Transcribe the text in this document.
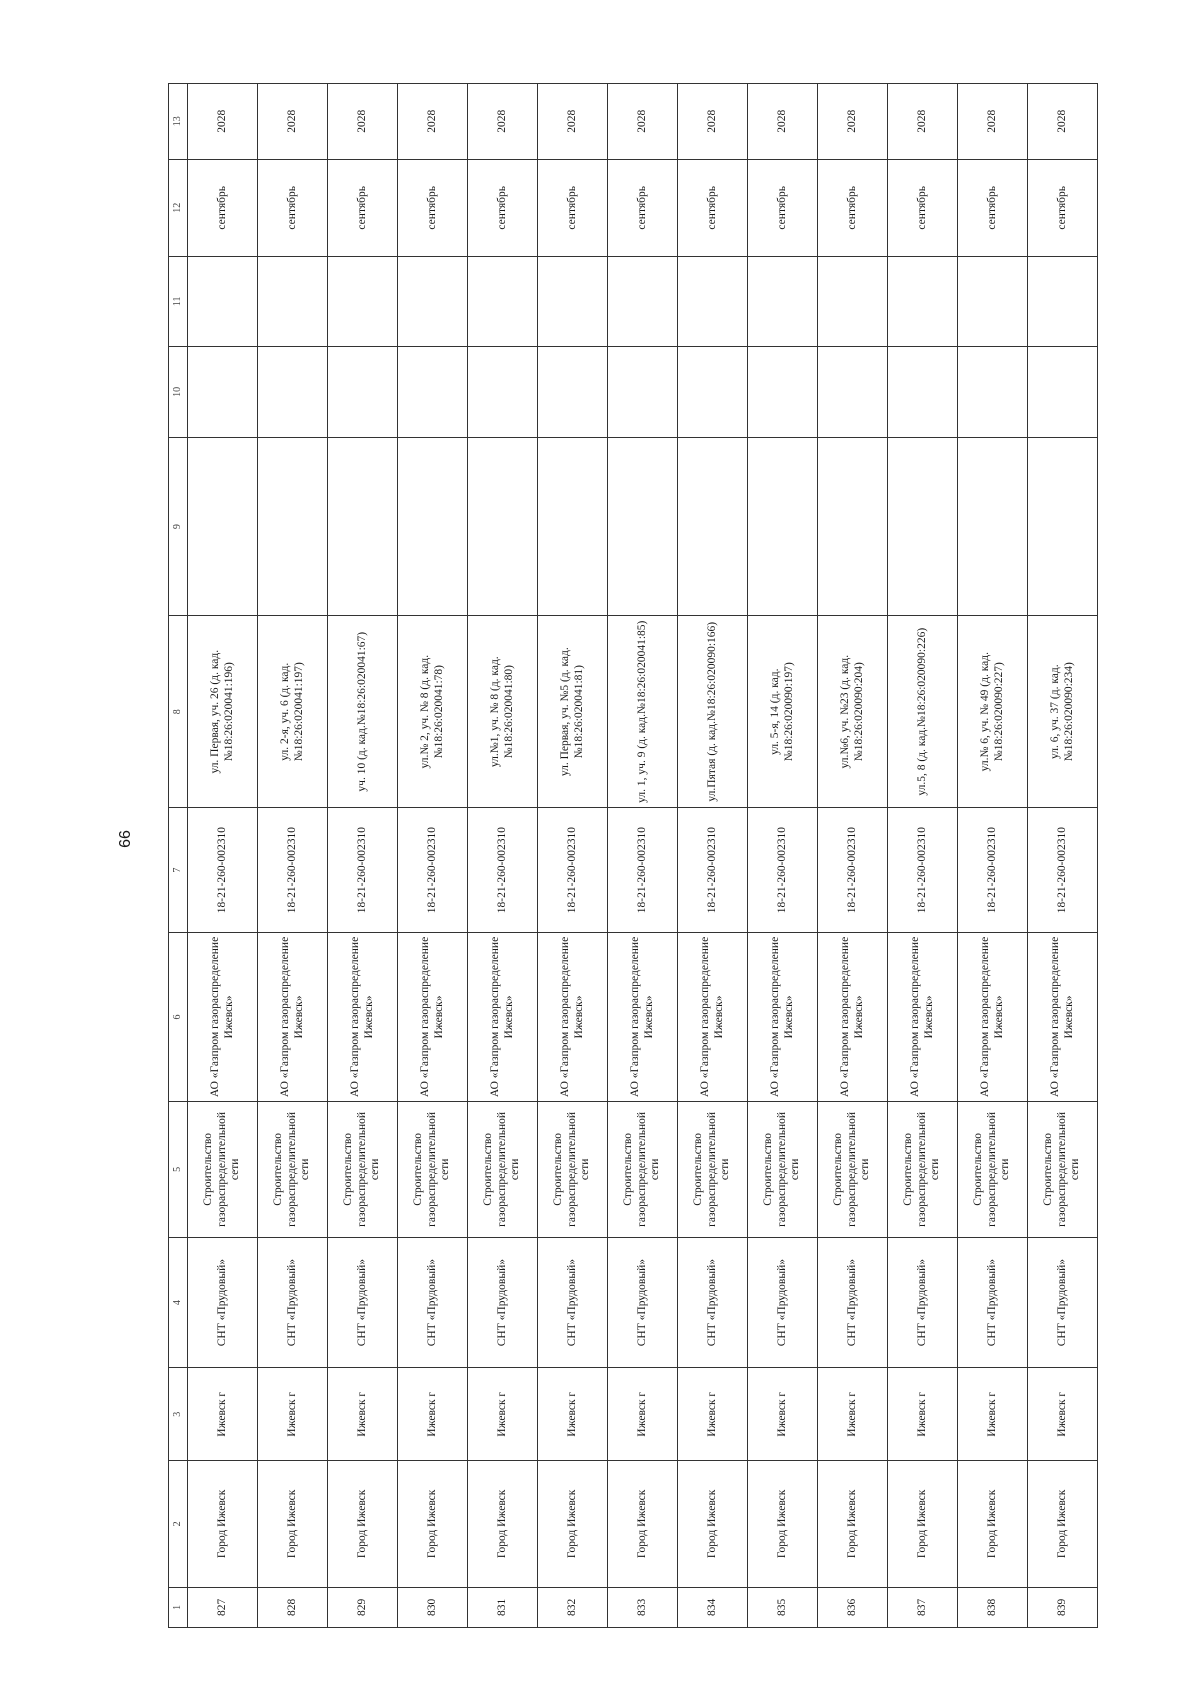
66
1	2	3	4	5	6	7	8	9	10	11	12	13
827	Город Ижевск	Ижевск г	СНТ «Прудовый»	Строительство газораспределительной сети	АО «Газпром газораспределение Ижевск»	18-21-260-002310	ул. Первая, уч. 26 (д. кад.№18:26:020041:196)				сентябрь	2028
828	Город Ижевск	Ижевск г	СНТ «Прудовый»	Строительство газораспределительной сети	АО «Газпром газораспределение Ижевск»	18-21-260-002310	ул. 2-я, уч. 6 (д. кад.№18:26:020041:197)				сентябрь	2028
829	Город Ижевск	Ижевск г	СНТ «Прудовый»	Строительство газораспределительной сети	АО «Газпром газораспределение Ижевск»	18-21-260-002310	уч. 10 (д. кад.№18:26:020041:67)				сентябрь	2028
830	Город Ижевск	Ижевск г	СНТ «Прудовый»	Строительство газораспределительной сети	АО «Газпром газораспределение Ижевск»	18-21-260-002310	ул.№ 2, уч. № 8 (д. кад.№18:26:020041:78)				сентябрь	2028
831	Город Ижевск	Ижевск г	СНТ «Прудовый»	Строительство газораспределительной сети	АО «Газпром газораспределение Ижевск»	18-21-260-002310	ул.№1, уч. № 8 (д. кад.№18:26:020041:80)				сентябрь	2028
832	Город Ижевск	Ижевск г	СНТ «Прудовый»	Строительство газораспределительной сети	АО «Газпром газораспределение Ижевск»	18-21-260-002310	ул. Первая, уч. №5 (д. кад.№18:26:020041:81)				сентябрь	2028
833	Город Ижевск	Ижевск г	СНТ «Прудовый»	Строительство газораспределительной сети	АО «Газпром газораспределение Ижевск»	18-21-260-002310	ул. 1, уч. 9 (д. кад.№18:26:020041:85)				сентябрь	2028
834	Город Ижевск	Ижевск г	СНТ «Прудовый»	Строительство газораспределительной сети	АО «Газпром газораспределение Ижевск»	18-21-260-002310	ул.Пятая (д. кад.№18:26:020090:166)				сентябрь	2028
835	Город Ижевск	Ижевск г	СНТ «Прудовый»	Строительство газораспределительной сети	АО «Газпром газораспределение Ижевск»	18-21-260-002310	ул. 5-я, 14 (д. кад.№18:26:020090:197)				сентябрь	2028
836	Город Ижевск	Ижевск г	СНТ «Прудовый»	Строительство газораспределительной сети	АО «Газпром газораспределение Ижевск»	18-21-260-002310	ул.№6, уч. №23 (д. кад.№18:26:020090:204)				сентябрь	2028
837	Город Ижевск	Ижевск г	СНТ «Прудовый»	Строительство газораспределительной сети	АО «Газпром газораспределение Ижевск»	18-21-260-002310	ул.5, 8 (д. кад.№18:26:020090:226)				сентябрь	2028
838	Город Ижевск	Ижевск г	СНТ «Прудовый»	Строительство газораспределительной сети	АО «Газпром газораспределение Ижевск»	18-21-260-002310	ул.№ 6, уч. № 49 (д. кад.№18:26:020090:227)				сентябрь	2028
839	Город Ижевск	Ижевск г	СНТ «Прудовый»	Строительство газораспределительной сети	АО «Газпром газораспределение Ижевск»	18-21-260-002310	ул. 6, уч. 37 (д. кад.№18:26:020090:234)				сентябрь	2028
